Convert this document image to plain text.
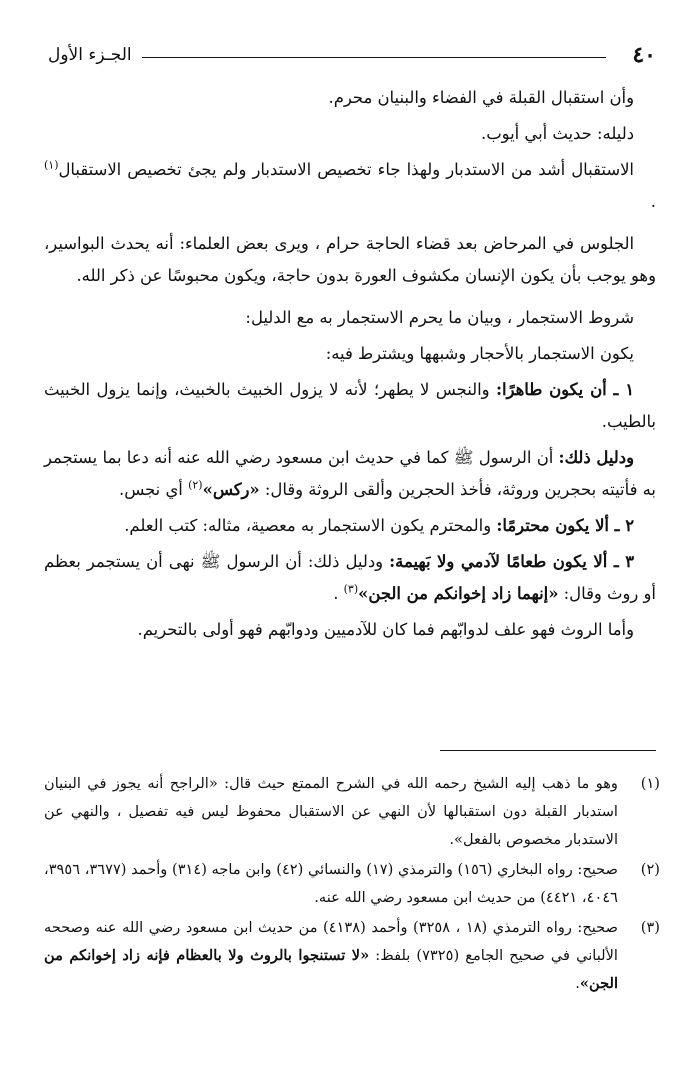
٤٠
الجـزء الأول

وأن استقبال القبلة في الفضاء والبنيان محرم.

دليله: حديث أبي أيوب.

الاستقبال أشد من الاستدبار ولهذا جاء تخصيص الاستدبار ولم يجئ تخصيص الاستقبال$^{(١)}$ .

الجلوس في المرحاض بعد قضاء الحاجة حرام ، ويرى بعض العلماء: أنه يحدث البواسير، وهو يوجب بأن يكون الإنسان مكشوف العورة بدون حاجة، ويكون محبوسًا عن ذكر الله.

شروط الاستجمار ، وبيان ما يحرم الاستجمار به مع الدليل:

يكون الاستجمار بالأحجار وشبهها ويشترط فيه:

١ ـ أن يكون طاهرًا: والنجس لا يطهر؛ لأنه لا يزول الخبيث بالخبيث، وإنما يزول الخبيث بالطيب.

ودليل ذلك: أن الرسول ﷺ كما في حديث ابن مسعود رضي الله عنه أنه دعا بما يستجمر به فأتيته بحجرين وروثة، فأخذ الحجرين وألقى الروثة وقال: «ركس»$^{(٢)}$ أي نجس.

٢ ـ ألا يكون محترمًا: والمحترم يكون الاستجمار به معصية، مثاله: كتب العلم.

٣ ـ ألا يكون طعامًا لآدمي ولا بَهيمة: ودليل ذلك: أن الرسول ﷺ نهى أن يستجمر بعظم أو روث وقال: «إنهما زاد إخوانكم من الجن»$^{(٣)}$ .

وأما الروث فهو علف لدوابّهم فما كان للآدميين ودوابّهم فهو أولى بالتحريم.

(١)
وهو ما ذهب إليه الشيخ رحمه الله في الشرح الممتع حيث قال: «الراجح أنه يجوز في البنيان استدبار القبلة دون استقبالها لأن النهي عن الاستقبال محفوظ ليس فيه تفصيل ، والنهي عن الاستدبار مخصوص بالفعل».
(٢)
صحيح: رواه البخاري (١٥٦) والترمذي (١٧) والنسائي (٤٢) وابن ماجه (٣١٤) وأحمد (٣٦٧٧، ٣٩٥٦، ٤٠٤٦، ٤٤٢١) من حديث ابن مسعود رضي الله عنه.
(٣)
صحيح: رواه الترمذي (١٨ ، ٣٢٥٨) وأحمد (٤١٣٨) من حديث ابن مسعود رضي الله عنه وصححه الألباني في صحيح الجامع (٧٣٢٥) بلفظ: «لا تستنجوا بالروث ولا بالعظام فإنه زاد إخوانكم من الجن».
